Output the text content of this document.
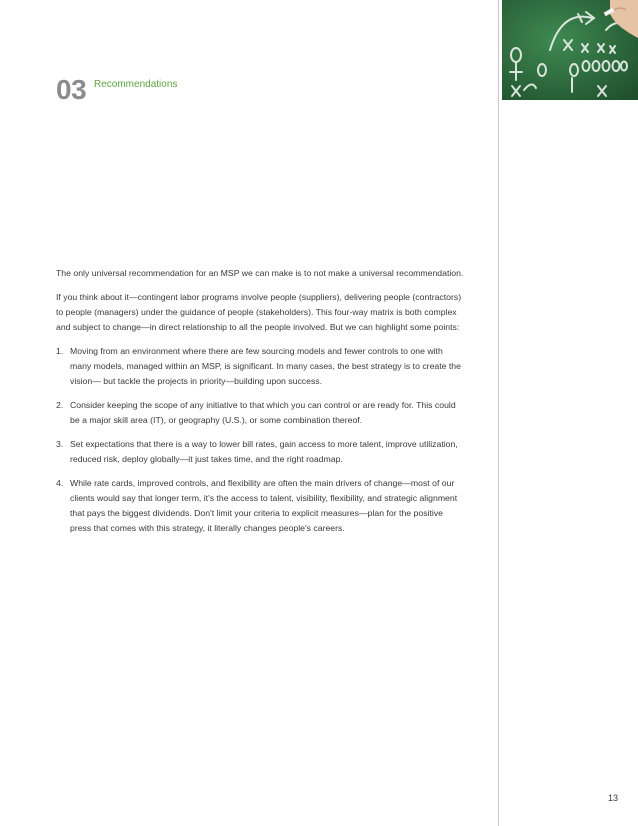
03 Recommendations

The only universal recommendation for an MSP we can make is to not make a universal recommendation.

If you think about it—contingent labor programs involve people (suppliers), delivering people (contractors) to people (managers) under the guidance of people (stakeholders). This four-way matrix is both complex and subject to change—in direct relationship to all the people involved. But we can highlight some points:

1. Moving from an environment where there are few sourcing models and fewer controls to one with many models, managed within an MSP, is significant. In many cases, the best strategy is to create the vision— but tackle the projects in priority—building upon success.
2. Consider keeping the scope of any initiative to that which you can control or are ready for. This could be a major skill area (IT), or geography (U.S.), or some combination thereof.
3. Set expectations that there is a way to lower bill rates, gain access to more talent, improve utilization, reduced risk, deploy globally—it just takes time, and the right roadmap.
4. While rate cards, improved controls, and flexibility are often the main drivers of change—most of our clients would say that longer term, it's the access to talent, visibility, flexibility, and strategic alignment that pays the biggest dividends. Don't limit your criteria to explicit measures—plan for the positive press that comes with this strategy, it literally changes people's careers.
13
